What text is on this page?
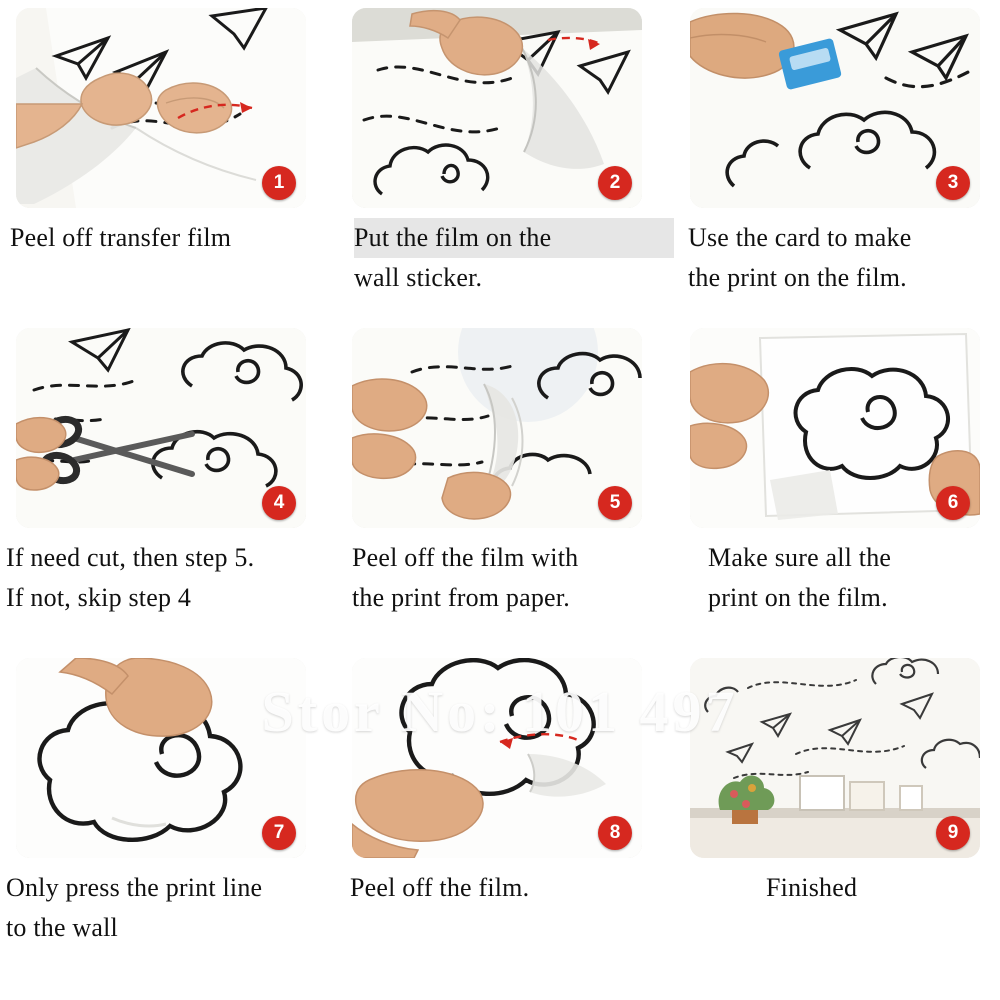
1
Peel off transfer film
2
Put the film on the
wall sticker.
3
Use the card to make
the print on the film.
4
If need cut, then step 5.
If not, skip step 4
5
Peel off the film with
the print from paper.
6
Make sure all the
print on the film.
7
Only press the print line
to the wall
8
Peel off the film.
9
Finished
Stor No: 101 497
